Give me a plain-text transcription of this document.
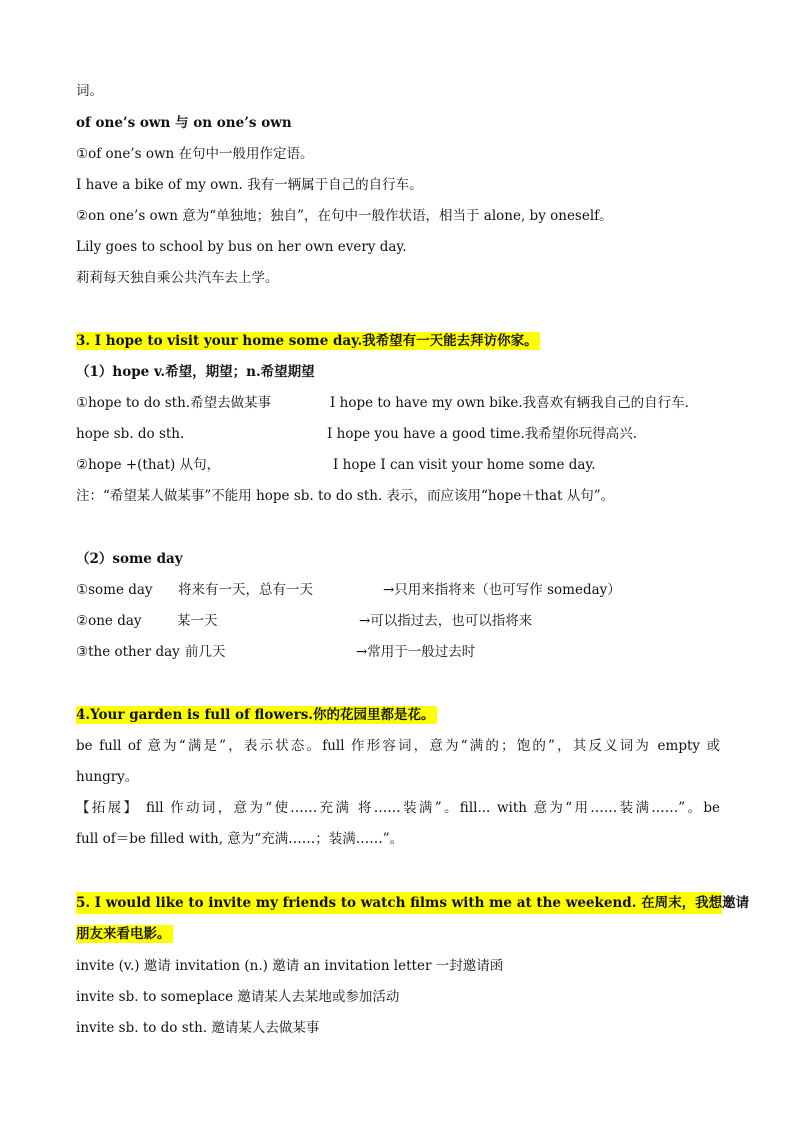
词。
of one’s own 与 on one’s own
①of one’s own 在句中一般用作定语。
I have a bike of my own. 我有一辆属于自己的自行车。
②on one’s own 意为“单独地；独自”，在句中一般作状语，相当于 alone, by oneself。
Lily goes to school by bus on her own every day.
莉莉每天独自乘公共汽车去上学。
3. I hope to visit your home some day.我希望有一天能去拜访你家。
（1）hope v.希望，期望；n.希望期望
①hope to do sth.希望去做某事	I hope to have my own bike.我喜欢有辆我自己的自行车.
hope sb. do sth.	I hope you have a good time.我希望你玩得高兴.
②hope +(that) 从句，	I hope I can visit your home some day.
注：“希望某人做某事”不能用 hope sb. to do sth. 表示，而应该用“hope＋that 从句”。
（2）some day
①some day 将来有一天，总有一天	→只用来指将来（也可写作 someday）
②one day	某一天	→可以指过去，也可以指将来
③the other day 前几天	→常用于一般过去时
4.Your garden is full of flowers.你的花园里都是花。
be full of 意为“满是”，表示状态。full 作形容词，意为“满的；饱的”，其反义词为 empty 或
hungry。
【拓展】 fill 作动词，意为“使……充满 将……装满”。fill... with 意为“用……装满……”。be
full of＝be filled with, 意为“充满……；装满……”。
5. I would like to invite my friends to watch films with me at the weekend. 在周末，我想邀请
朋友来看电影。
invite (v.) 邀请 invitation (n.) 邀请 an invitation letter 一封邀请函
invite sb. to someplace 邀请某人去某地或参加活动
invite sb. to do sth. 邀请某人去做某事
